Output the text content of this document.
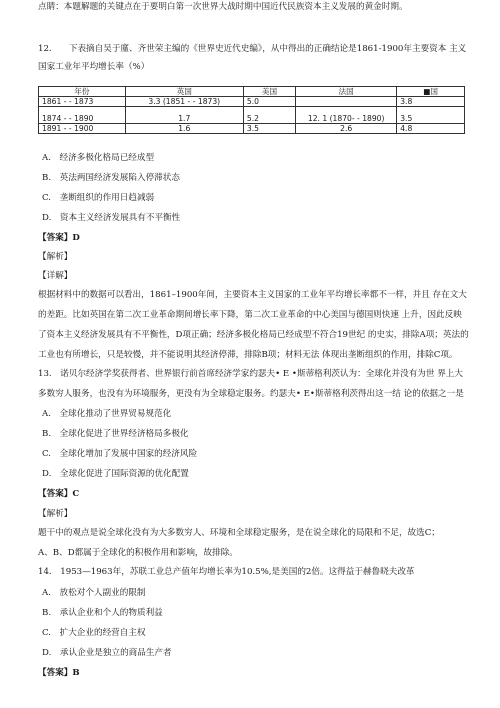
点睛：本题解题的关键点在于要明白第一次世界大战时期中国近代民族资本主义发展的黄金时期。
12.　　下表摘自吴于廑、齐世荣主编的《世界史近代史编》，从中得出的正确结论是1861-1900年主要资本 主义
国家工业年平均增长率（%）
年份	英国	美国	法国	■国
1861 - - 1873	3.3 (1851 - - 1873)	5.0		3.8
1874 - - 1890	1.7	5.2	12. 1 (1870- - 1890)	3.5
1891 - - 1900	1.6	3.5	2.6	4.8
A.　经济多极化格局已经成型
B.　英法两国经济发展陷入停滞状态
C.　垄断组织的作用日趋减弱
D.　资本主义经济发展具有不平衡性
【答案】D
【解析】
【详解】
根据材料中的数据可以看出，1861–1900年间，主要资本主义国家的工业年平均增长率都不一样，并且 存在文大
的差距。比如英国在第二次工业革命期间增长率下降，第二次工业革命的中心美国与德国则快速 上升，因此反映
了资本主义经济发展具有不平衡性，D项正确；经济多极化格局已经成型不符合19世纪 的史实，排除A项；英法的
工业也有所增长，只是较慢，并不能说明其经济停滞，排除B项；材料无法 体现出垄断组织的作用，排除C项。
13.　诺贝尔经济学奖获得者、世界银行前首席经济学家约瑟夫• E •斯蒂格利茨认为：全球化并没有为世 界上大
多数穷人服务，也没有为环境服务，更没有为全球稳定服务。约瑟夫• E•斯蒂格利茨得出这一结 论的依据之一是
A.　全球化推动了世界贸易规范化
B.　全球化促进了世界经济格局多极化
C.　全球化增加了发展中国家的经济风险
D.　全球化促进了国际资源的优化配置
【答案】C
【解析】
题干中的观点是说全球化没有为大多数穷人、环境和全球稳定服务，是在说全球化的局限和不足，故选C；
A、B、D都属于全球化的积极作用和影响，故排除。
14.　1953—1963年，苏联工业总产值年均增长率为10.5%,是美国的2倍。这得益于赫鲁晓夫改革
A.　放松对个人副业的限制
B.　承认企业和个人的物质利益
C.　扩大企业的经营自主权
D.　承认企业是独立的商品生产者
【答案】B
